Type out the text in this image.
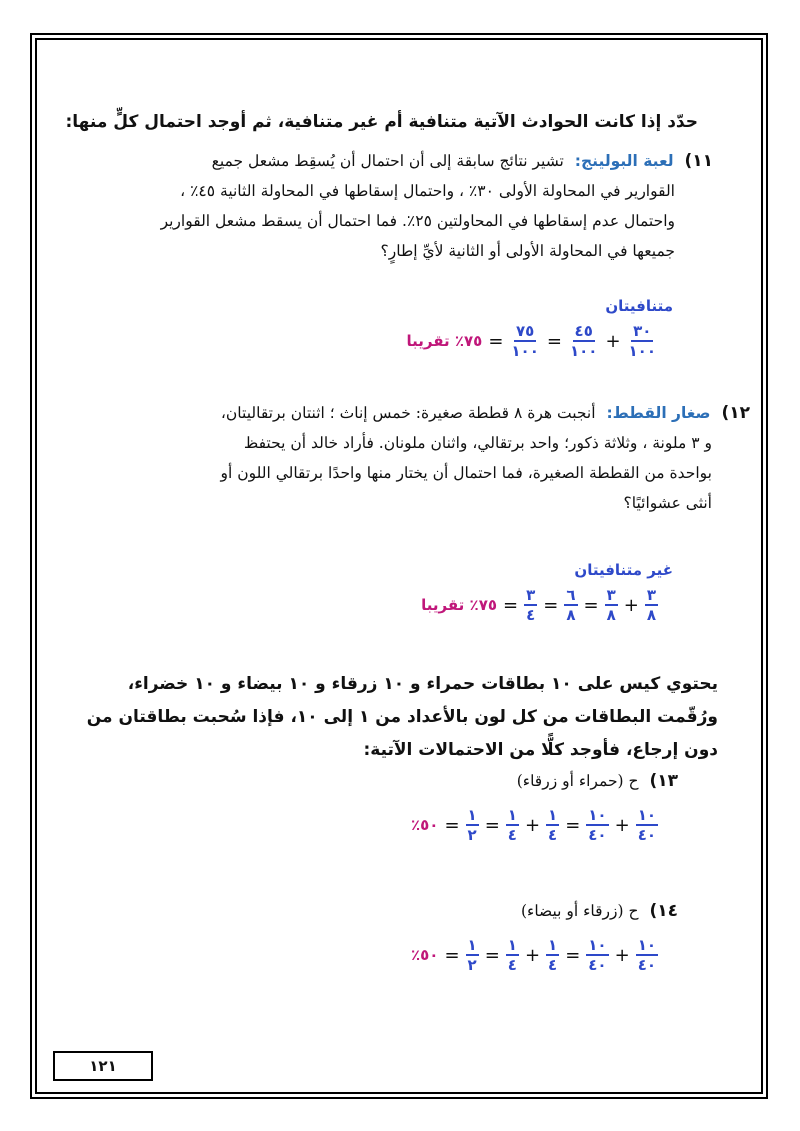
حدّد إذا كانت الحوادث الآتية متنافية أم غير متنافية، ثم أوجد احتمال كلٍّ منها:
١١) لعبة البولينج: تشير نتائج سابقة إلى أن احتمال أن يُسقِط مشعل جميع
القوارير في المحاولة الأولى ٣٠٪ ، واحتمال إسقاطها في المحاولة الثانية ٤٥٪ ،
واحتمال عدم إسقاطها في المحاولتين ٢٥٪. فما احتمال أن يسقط مشعل القوارير
جميعها في المحاولة الأولى أو الثانية لأيِّ إطارٍ؟
متنافيتان
$\frac{٣٠}{١٠٠}$
+
$\frac{٤٥}{١٠٠}$
=
$\frac{٧٥}{١٠٠}$
=
٧٥٪ تقريبا
١٢) صغار القطط: أنجبت هرة ٨ قططة صغيرة: خمس إناث ؛ اثنتان برتقاليتان،
و ٣ ملونة ، وثلاثة ذكور؛ واحد برتقالي، واثنان ملونان. فأراد خالد أن يحتفظ
بواحدة من القططة الصغيرة، فما احتمال أن يختار منها واحدًا برتقالي اللون أو
أنثى عشوائيًا؟
غير متنافيتان
$\frac{٣}{٨}$
+
$\frac{٣}{٨}$
=
$\frac{٦}{٨}$
=
$\frac{٣}{٤}$
=
٧٥٪ تقريبا
يحتوي كيس على ١٠ بطاقات حمراء و ١٠ زرقاء و ١٠ بيضاء و ١٠ خضراء،
ورُقّمت البطاقات من كل لون بالأعداد من ١ إلى ١٠، فإذا سُحبت بطاقتان من
دون إرجاع، فأوجد كلًّا من الاحتمالات الآتية:
١٣) ح (حمراء أو زرقاء)
$\frac{١٠}{٤٠}$
+
$\frac{١٠}{٤٠}$
=
$\frac{١}{٤}$
+
$\frac{١}{٤}$
=
$\frac{١}{٢}$
=
٥٠٪
١٤) ح (زرقاء أو بيضاء)
$\frac{١٠}{٤٠}$
+
$\frac{١٠}{٤٠}$
=
$\frac{١}{٤}$
+
$\frac{١}{٤}$
=
$\frac{١}{٢}$
=
٥٠٪
١٢١
